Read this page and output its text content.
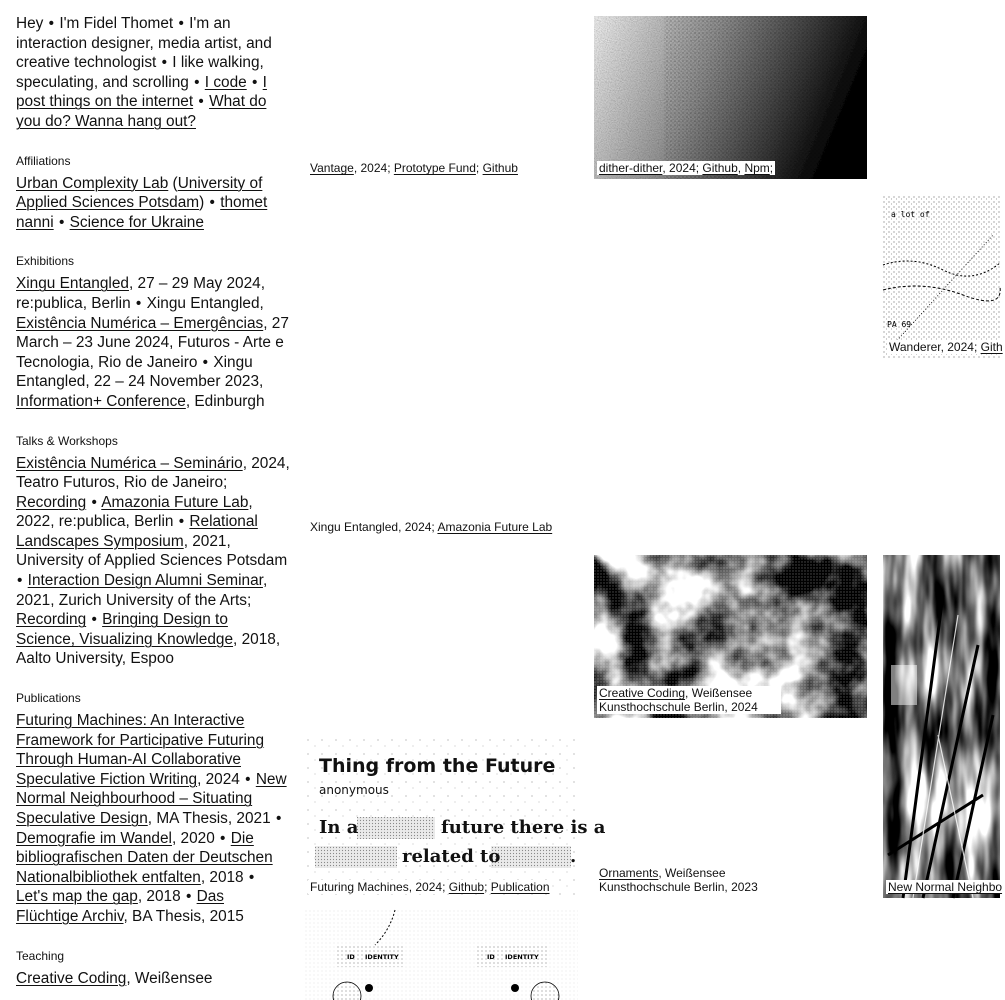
Hey • I'm Fidel Thomet • I'm an interaction designer, media artist, and creative technologist • I like walking, speculating, and scrolling • I code • I post things on the internet • What do you do? Wanna hang out?
Affiliations
Urban Complexity Lab (University of Applied Sciences Potsdam) • thomet nanni • Science for Ukraine
Exhibitions
Xingu Entangled, 27 – 29 May 2024, re:publica, Berlin • Xingu Entangled, Existência Numérica – Emergências, 27 March – 23 June 2024, Futuros - Arte e Tecnologia, Rio de Janeiro • Xingu Entangled, 22 – 24 November 2023, Information+ Conference, Edinburgh
Talks & Workshops
Existência Numérica – Seminário, 2024, Teatro Futuros, Rio de Janeiro; Recording • Amazonia Future Lab, 2022, re:publica, Berlin • Relational Landscapes Symposium, 2021, University of Applied Sciences Potsdam • Interaction Design Alumni Seminar, 2021, Zurich University of the Arts; Recording • Bringing Design to Science, Visualizing Knowledge, 2018, Aalto University, Espoo
Publications
Futuring Machines: An Interactive Framework for Participative Futuring Through Human-AI Collaborative Speculative Fiction Writing, 2024 • New Normal Neighbourhood – Situating Speculative Design, MA Thesis, 2021 • Demografie im Wandel, 2020 • Die bibliografischen Daten der Deutschen Nationalbibliothek entfalten, 2018 • Let's map the gap, 2018 • Das Flüchtige Archiv, BA Thesis, 2015
Teaching
Creative Coding, Weißensee
dither-dither, 2024; Github, Npm;
Vantage, 2024; Prototype Fund; Github
a lot of
PA 69
Wanderer, 2024; Gith
Xingu Entangled, 2024; Amazonia Future Lab
Creative Coding, Weißensee
Kunsthochschule Berlin, 2024
New Normal Neighbo
Ornaments, Weißensee
Kunsthochschule Berlin, 2023
Thing from the Future
anonymous
In a	future there is a
related to	.
Futuring Machines, 2024; Github; Publication
ID IDENTITY	ID IDENTITY
